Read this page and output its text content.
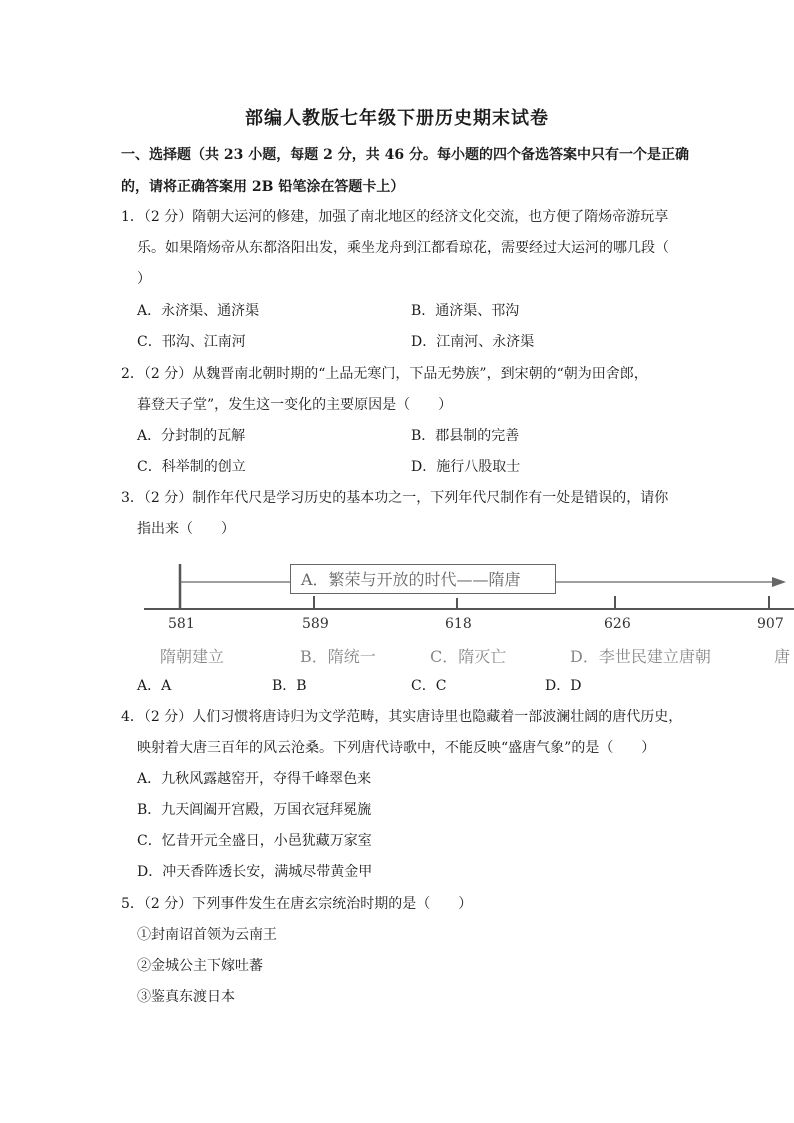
部编人教版七年级下册历史期末试卷
一、选择题（共 23 小题，每题 2 分，共 46 分。每小题的四个备选答案中只有一个是正确
的，请将正确答案用 2B 铅笔涂在答题卡上）
1．（2 分）隋朝大运河的修建，加强了南北地区的经济文化交流，也方便了隋炀帝游玩享
乐。如果隋炀帝从东都洛阳出发，乘坐龙舟到江都看琼花，需要经过大运河的哪几段（
）
A．永济渠、通济渠	B．通济渠、邗沟
C．邗沟、江南河	D．江南河、永济渠
2．（2 分）从魏晋南北朝时期的“上品无寒门，下品无势族”，到宋朝的“朝为田舍郎，
暮登天子堂”，发生这一变化的主要原因是（　　）
A．分封制的瓦解	B．郡县制的完善
C．科举制的创立	D．施行八股取士
3．（2 分）制作年代尺是学习历史的基本功之一，下列年代尺制作有一处是错误的，请你
指出来（　　）
A．繁荣与开放的时代——隋唐
581	589	618	626	907
隋朝建立	B．隋统一	C．隋灭亡	D．李世民建立唐朝	唐
A．A	B．B	C．C	D．D
4．（2 分）人们习惯将唐诗归为文学范畴，其实唐诗里也隐藏着一部波澜壮阔的唐代历史，
映射着大唐三百年的风云沧桑。下列唐代诗歌中，不能反映“盛唐气象”的是（　　）
A．九秋风露越窑开，夺得千峰翠色来
B．九天阊阖开宫殿，万国衣冠拜冕旒
C．忆昔开元全盛日，小邑犹藏万家室
D．冲天香阵透长安，满城尽带黄金甲
5．（2 分）下列事件发生在唐玄宗统治时期的是（　　）
①封南诏首领为云南王
②金城公主下嫁吐蕃
③鉴真东渡日本
